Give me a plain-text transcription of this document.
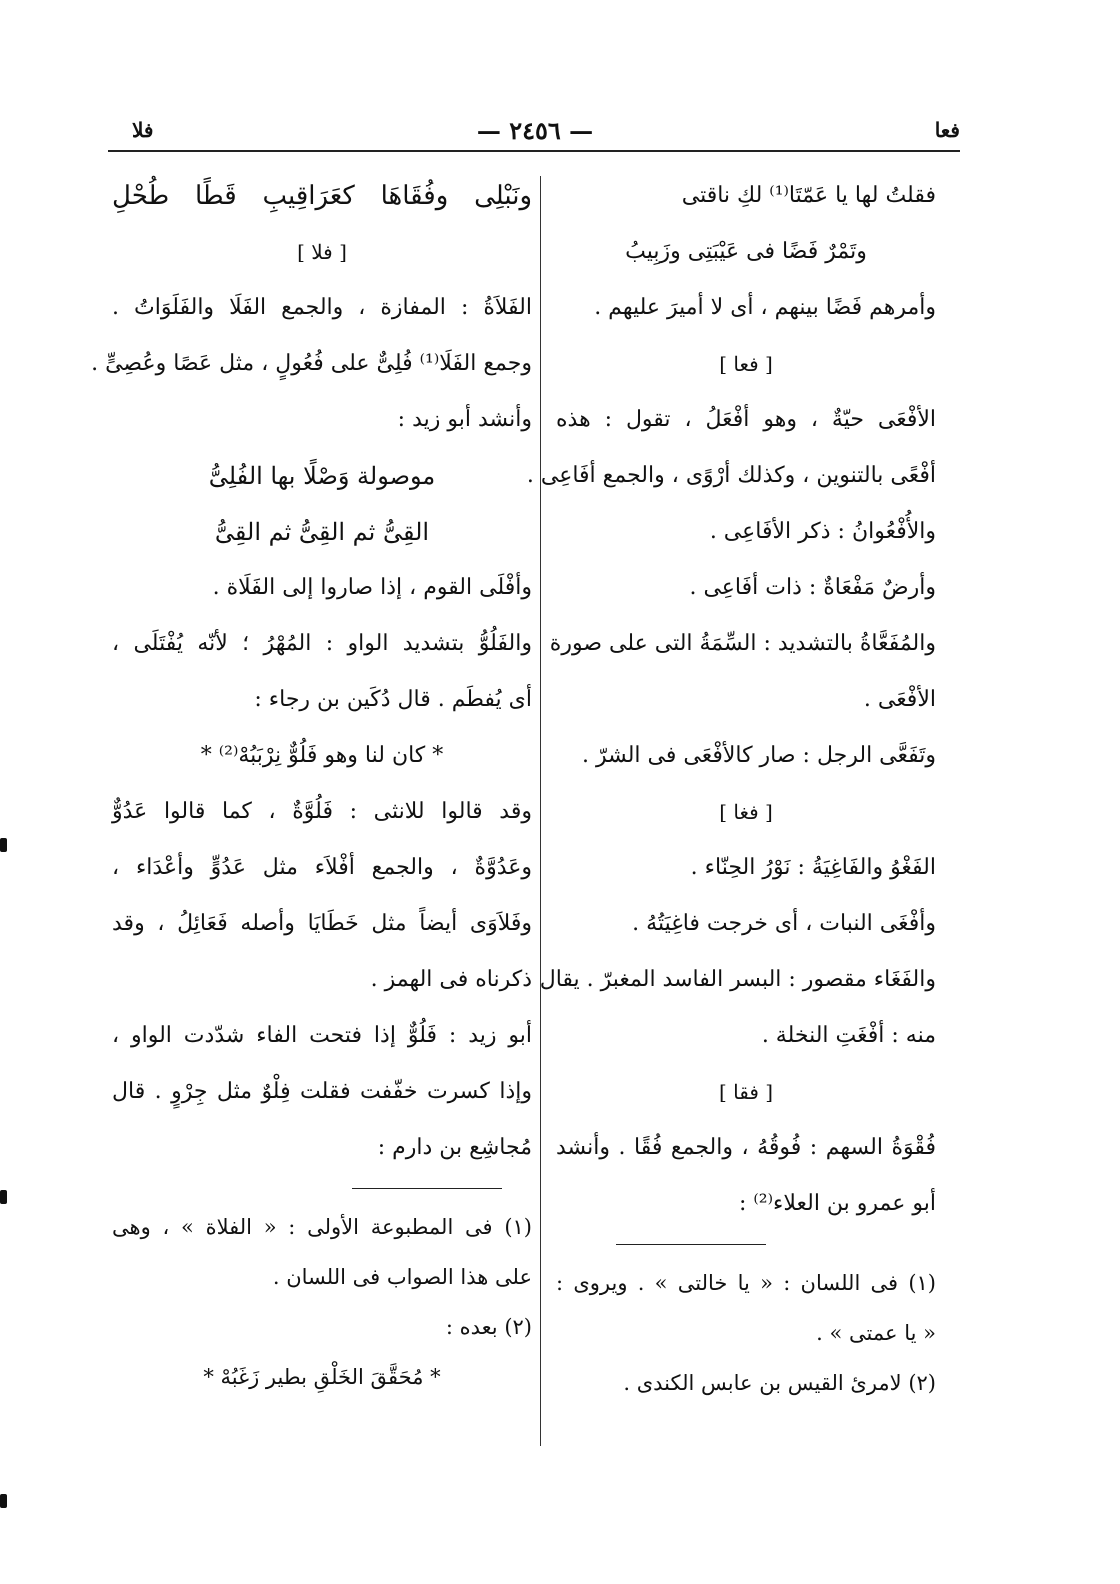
فعا
— ٢٤٥٦ —
فلا
فقلتُ لها يا عَمّتَا⁽¹⁾ لكِ ناقتى
وتَمْرٌ فَضًا فى عَيْبَتِى وزَبِيبُ
وأمرهم فَضًا بينهم ، أى لا أميرَ عليهم .
[ فعا ]
الأفْعَى حيّةٌ ، وهو أفْعَلُ ، تقول : هذه
أفْعًى بالتنوين ، وكذلك أرْوًى ، والجمع أفَاعِى .
والأُفْعُوانُ : ذكر الأفَاعِى .
وأرضٌ مَفْعَاةٌ : ذات أفَاعِى .
والمُفَعَّاةُ بالتشديد : السِّمَةُ التى على صورة
الأفْعَى .
وتَفَعَّى الرجل : صار كالأفْعَى فى الشرّ .
[ فغا ]
الفَغْوُ والفَاغِيَةُ : نَوْرُ الحِنّاء .
وأفْغَى النبات ، أى خرجت فاغِيَتُهُ .
والفَغَاء مقصور : البسر الفاسد المغبرّ . يقال
منه : أفْغَتِ النخلة .
[ فقا ]
فُقْوَةُ السهم : فُوقُهُ ، والجمع فُقًا . وأنشد
أبو عمرو بن العلاء⁽²⁾ :
(١) فى اللسان : « يا خالتى » . ويروى :
« يا عمتى » .
(٢) لامرئ القيس بن عابس الكندى .
ونَبْلِى وفُقَاهَا كعَرَاقِيبِ قَطًا طُحْلِ
[ فلا ]
الفَلاَةُ : المفازة ، والجمع الفَلَا والفَلَوَاتُ .
وجمع الفَلَا⁽¹⁾ فُلِىٌّ على فُعُولٍ ، مثل عَصًا وعُصِىٍّ .
وأنشد أبو زيد :
موصولة وَصْلًا بها الفُلِىُّ
القِىُّ ثم القِىُّ ثم القِىُّ
وأفْلَى القوم ، إذا صاروا إلى الفَلَاة .
والفَلُوُّ بتشديد الواو : المُهْرُ ؛ لأنّه يُفْتَلَى ،
أى يُفطَم . قال دُكَين بن رجاء :
* كان لنا وهو فَلُوٌّ نِرْبَبُهْ⁽²⁾ *
وقد قالوا للانثى : فَلُوَّةٌ ، كما قالوا عَدُوٌّ
وعَدُوَّةٌ ، والجمع أفْلاَء مثل عَدُوٍّ وأعْدَاء ،
وفَلاَوَى أيضاً مثل خَطَايَا وأصله فَعَائِلُ ، وقد
ذكرناه فى الهمز .
أبو زيد : فَلُوٌّ إذا فتحت الفاء شدّدت الواو ،
وإذا كسرت خفّفت فقلت فِلْوٌ مثل جِرْوٍ . قال
مُجاشِع بن دارم :
(١) فى المطبوعة الأولى : « الفلاة » ، وهى
على هذا الصواب فى اللسان .
(٢) بعده :
* مُحَقَّقَ الخَلْقِ بطير زَغَبُهْ *
